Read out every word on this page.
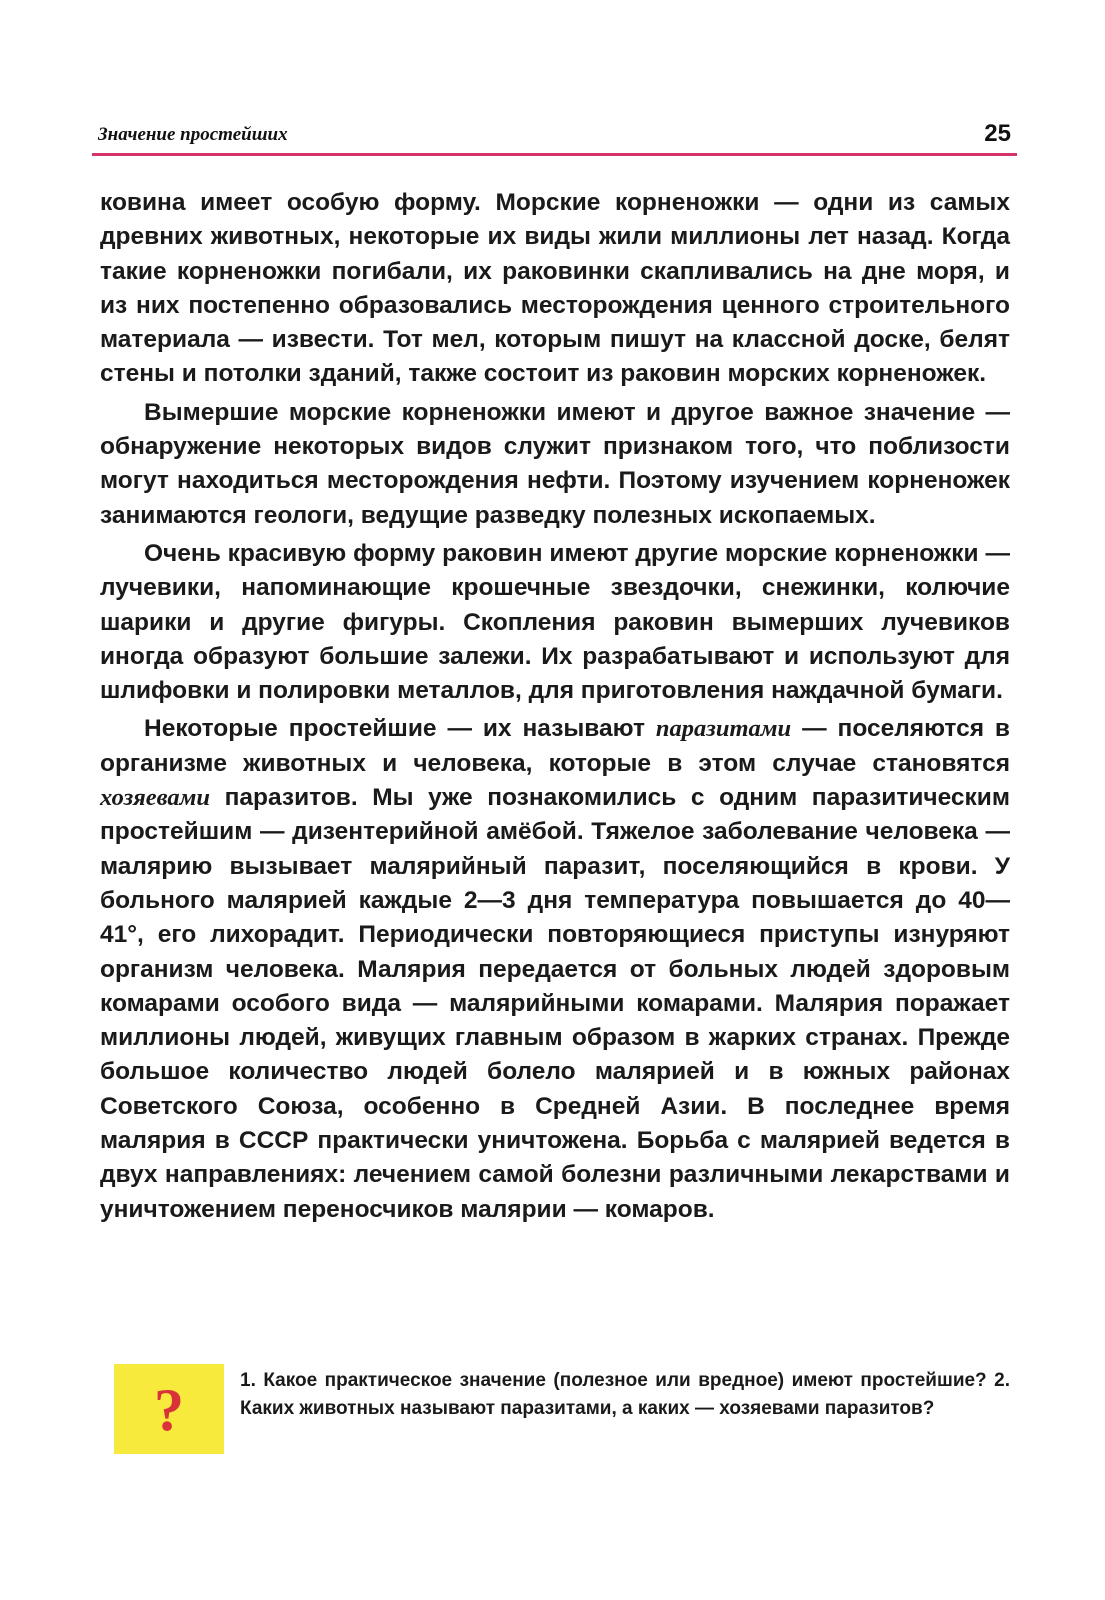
Значение простейших	25

ковина имеет особую форму. Морские корненожки — одни из самых древних животных, некоторые их виды жили миллионы лет назад. Когда такие корненожки погибали, их раковинки скапливались на дне моря, и из них постепенно образовались месторождения ценного строительного материала — извести. Тот мел, которым пишут на классной доске, белят стены и потолки зданий, также состоит из раковин морских корненожек.

Вымершие морские корненожки имеют и другое важное значение — обнаружение некоторых видов служит признаком того, что поблизости могут находиться месторождения нефти. Поэтому изучением корненожек занимаются геологи, ведущие разведку полезных ископаемых.

Очень красивую форму раковин имеют другие морские корненожки — лучевики, напоминающие крошечные звездочки, снежинки, колючие шарики и другие фигуры. Скопления раковин вымерших лучевиков иногда образуют большие залежи. Их разрабатывают и используют для шлифовки и полировки металлов, для приготовления наждачной бумаги.

Некоторые простейшие — их называют паразитами — поселяются в организме животных и человека, которые в этом случае становятся хозяевами паразитов. Мы уже познакомились с одним паразитическим простейшим — дизентерийной амёбой. Тяжелое заболевание человека — малярию вызывает малярийный паразит, поселяющийся в крови. У больного малярией каждые 2—3 дня температура повышается до 40—41°, его лихорадит. Периодически повторяющиеся приступы изнуряют организм человека. Малярия передается от больных людей здоровым комарами особого вида — малярийными комарами. Малярия поражает миллионы людей, живущих главным образом в жарких странах. Прежде большое количество людей болело малярией и в южных районах Советского Союза, особенно в Средней Азии. В последнее время малярия в СССР практически уничтожена. Борьба с малярией ведется в двух направлениях: лечением самой болезни различными лекарствами и уничтожением переносчиков малярии — комаров.

?	1. Какое практическое значение (полезное или вредное) имеют простейшие? 2. Каких животных называют паразитами, а каких — хозяевами паразитов?
